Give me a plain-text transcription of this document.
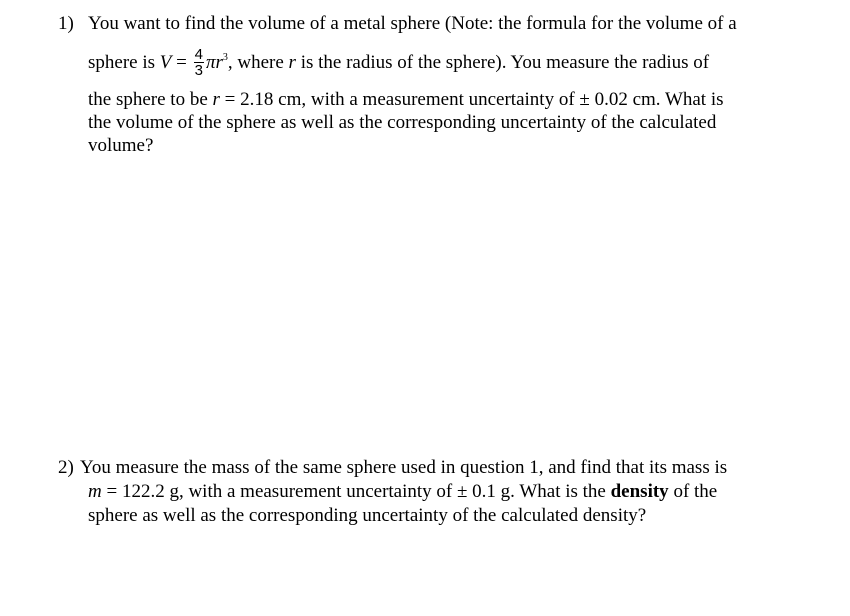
1) You want to find the volume of a metal sphere (Note: the formula for the volume of a
sphere is $V = \frac{4}{3} \pi r^3$, where r is the radius of the sphere). You measure the radius of
the sphere to be r = 2.18 cm, with a measurement uncertainty of ± 0.02 cm. What is
the volume of the sphere as well as the corresponding uncertainty of the calculated
volume?
2) You measure the mass of the same sphere used in question 1, and find that its mass is
m = 122.2 g, with a measurement uncertainty of ± 0.1 g. What is the density of the
sphere as well as the corresponding uncertainty of the calculated density?
